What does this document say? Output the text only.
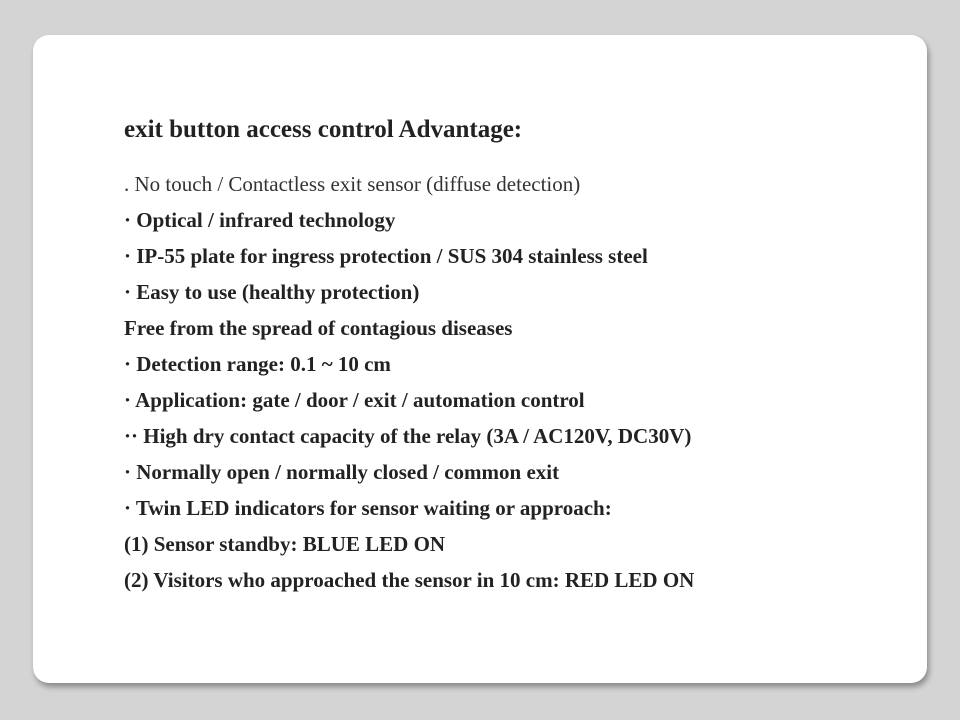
exit button access control Advantage:
. No touch / Contactless exit sensor (diffuse detection)
· Optical / infrared technology
· IP-55 plate for ingress protection / SUS 304 stainless steel
· Easy to use (healthy protection)
Free from the spread of contagious diseases
· Detection range: 0.1 ~ 10 cm
· Application: gate / door / exit / automation control
·· High dry contact capacity of the relay (3A / AC120V, DC30V)
· Normally open / normally closed / common exit
· Twin LED indicators for sensor waiting or approach:
(1) Sensor standby: BLUE LED ON
(2) Visitors who approached the sensor in 10 cm: RED LED ON
